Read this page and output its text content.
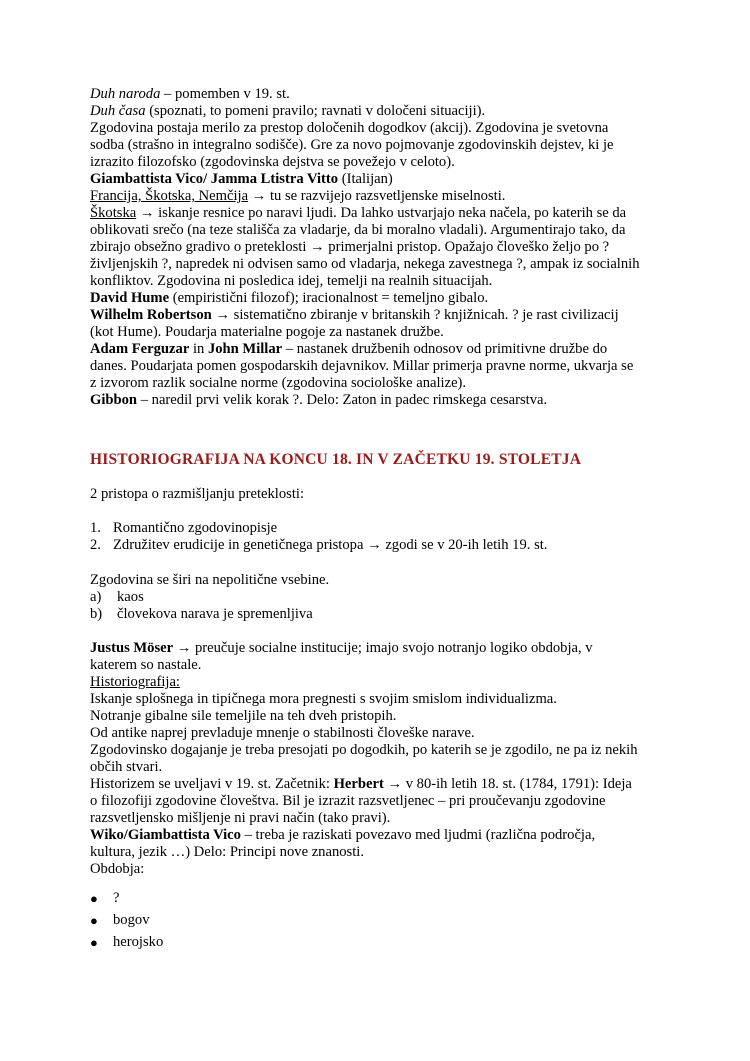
Duh naroda – pomemben v 19. st.
Duh časa (spoznati, to pomeni pravilo; ravnati v določeni situaciji).
Zgodovina postaja merilo za prestop določenih dogodkov (akcij). Zgodovina je svetovna
sodba (strašno in integralno sodišče). Gre za novo pojmovanje zgodovinskih dejstev, ki je
izrazito filozofsko (zgodovinska dejstva se povežejo v celoto).
Giambattista Vico/ Jamma Ltistra Vitto (Italijan)
Francija, Škotska, Nemčija → tu se razvijejo razsvetljenske miselnosti.
Škotska → iskanje resnice po naravi ljudi. Da lahko ustvarjajo neka načela, po katerih se da
oblikovati srečo (na teze stališča za vladarje, da bi moralno vladali). Argumentirajo tako, da
zbirajo obsežno gradivo o preteklosti → primerjalni pristop. Opažajo človeško željo po ?
življenjskih ?, napredek ni odvisen samo od vladarja, nekega zavestnega ?, ampak iz socialnih
konfliktov. Zgodovina ni posledica idej, temelji na realnih situacijah.
David Hume (empiristični filozof); iracionalnost = temeljno gibalo.
Wilhelm Robertson → sistematično zbiranje v britanskih ? knjižnicah. ? je rast civilizacij
(kot Hume). Poudarja materialne pogoje za nastanek družbe.
Adam Ferguzar in John Millar – nastanek družbenih odnosov od primitivne družbe do
danes. Poudarjata pomen gospodarskih dejavnikov. Millar primerja pravne norme, ukvarja se
z izvorom razlik socialne norme (zgodovina sociološke analize).
Gibbon – naredil prvi velik korak ?. Delo: Zaton in padec rimskega cesarstva.
HISTORIOGRAFIJA NA KONCU 18. IN V ZAČETKU 19. STOLETJA
2 pristopa o razmišljanju preteklosti:
1. Romantično zgodovinopisje
2. Združitev erudicije in genetičnega pristopa → zgodi se v 20-ih letih 19. st.
Zgodovina se širi na nepolitične vsebine.
a)	kaos
b)	človekova narava je spremenljiva
Justus Möser → preučuje socialne institucije; imajo svojo notranjo logiko obdobja, v
katerem so nastale.
Historiografija:
Iskanje splošnega in tipičnega mora pregnesti s svojim smislom individualizma.
Notranje gibalne sile temeljile na teh dveh pristopih.
Od antike naprej prevladuje mnenje o stabilnosti človeške narave.
Zgodovinsko dogajanje je treba presojati po dogodkih, po katerih se je zgodilo, ne pa iz nekih
občih stvari.
Historizem se uveljavi v 19. st. Začetnik: Herbert → v 80-ih letih 18. st. (1784, 1791): Ideja
o filozofiji zgodovine človeštva. Bil je izrazit razsvetljenec – pri proučevanju zgodovine
razsvetljensko mišljenje ni pravi način (tako pravi).
Wiko/Giambattista Vico – treba je raziskati povezavo med ljudmi (različna področja,
kultura, jezik …) Delo: Principi nove znanosti.
Obdobja:
●	?
●	bogov
●	herojsko
